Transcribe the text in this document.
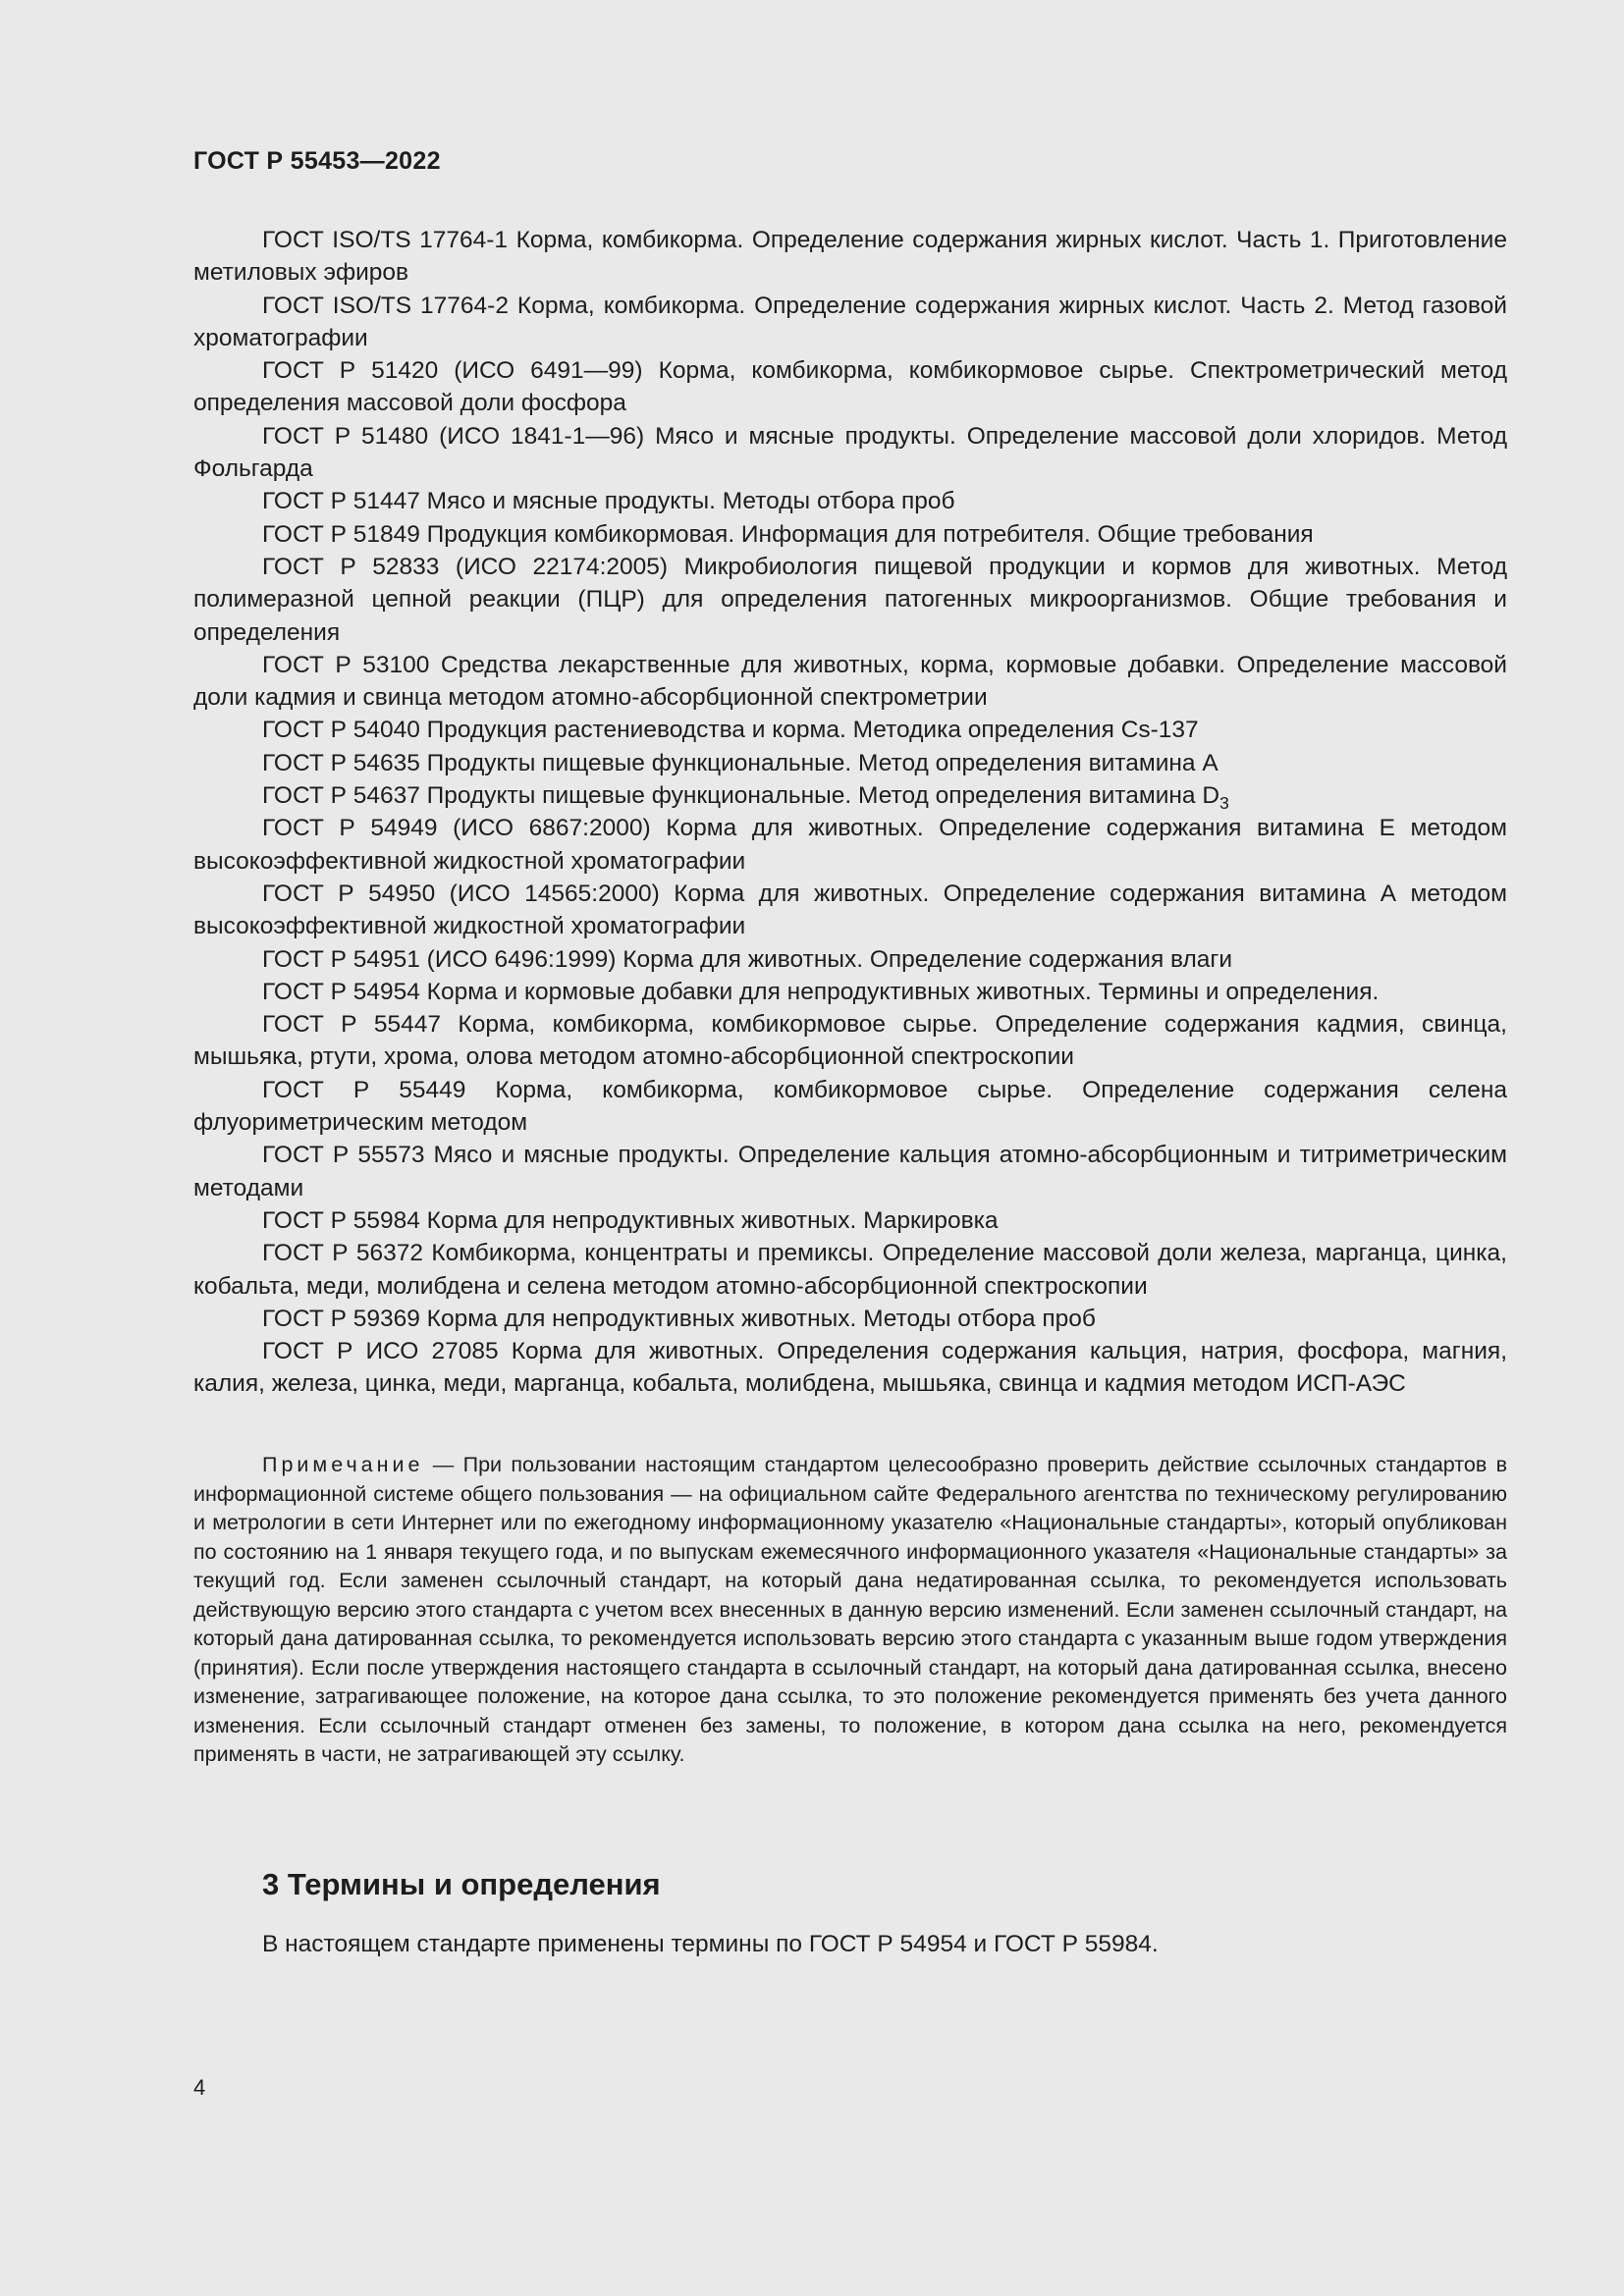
ГОСТ Р 55453—2022

ГОСТ ISO/TS 17764-1 Корма, комбикорма. Определение содержания жирных кислот. Часть 1. Приготовление метиловых эфиров

ГОСТ ISO/TS 17764-2 Корма, комбикорма. Определение содержания жирных кислот. Часть 2. Метод газовой хроматографии

ГОСТ Р 51420 (ИСО 6491—99) Корма, комбикорма, комбикормовое сырье. Спектрометрический метод определения массовой доли фосфора

ГОСТ Р 51480 (ИСО 1841-1—96) Мясо и мясные продукты. Определение массовой доли хлоридов. Метод Фольгарда

ГОСТ Р 51447 Мясо и мясные продукты. Методы отбора проб

ГОСТ Р 51849 Продукция комбикормовая. Информация для потребителя. Общие требования

ГОСТ Р 52833 (ИСО 22174:2005) Микробиология пищевой продукции и кормов для животных. Метод полимеразной цепной реакции (ПЦР) для определения патогенных микроорганизмов. Общие требования и определения

ГОСТ Р 53100 Средства лекарственные для животных, корма, кормовые добавки. Определение массовой доли кадмия и свинца методом атомно-абсорбционной спектрометрии

ГОСТ Р 54040 Продукция растениеводства и корма. Методика определения Cs-137

ГОСТ Р 54635 Продукты пищевые функциональные. Метод определения витамина А

ГОСТ Р 54637 Продукты пищевые функциональные. Метод определения витамина $D_3$

ГОСТ Р 54949 (ИСО 6867:2000) Корма для животных. Определение содержания витамина Е методом высокоэффективной жидкостной хроматографии

ГОСТ Р 54950 (ИСО 14565:2000) Корма для животных. Определение содержания витамина А методом высокоэффективной жидкостной хроматографии

ГОСТ Р 54951 (ИСО 6496:1999) Корма для животных. Определение содержания влаги

ГОСТ Р 54954 Корма и кормовые добавки для непродуктивных животных. Термины и определения.

ГОСТ Р 55447 Корма, комбикорма, комбикормовое сырье. Определение содержания кадмия, свинца, мышьяка, ртути, хрома, олова методом атомно-абсорбционной спектроскопии

ГОСТ Р 55449 Корма, комбикорма, комбикормовое сырье. Определение содержания селена флуориметрическим методом

ГОСТ Р 55573 Мясо и мясные продукты. Определение кальция атомно-абсорбционным и титриметрическим методами

ГОСТ Р 55984 Корма для непродуктивных животных. Маркировка

ГОСТ Р 56372 Комбикорма, концентраты и премиксы. Определение массовой доли железа, марганца, цинка, кобальта, меди, молибдена и селена методом атомно-абсорбционной спектроскопии

ГОСТ Р 59369 Корма для непродуктивных животных. Методы отбора проб

ГОСТ Р ИСО 27085 Корма для животных. Определения содержания кальция, натрия, фосфора, магния, калия, железа, цинка, меди, марганца, кобальта, молибдена, мышьяка, свинца и кадмия методом ИСП-АЭС

Примечание — При пользовании настоящим стандартом целесообразно проверить действие ссылочных стандартов в информационной системе общего пользования — на официальном сайте Федерального агентства по техническому регулированию и метрологии в сети Интернет или по ежегодному информационному указателю «Национальные стандарты», который опубликован по состоянию на 1 января текущего года, и по выпускам ежемесячного информационного указателя «Национальные стандарты» за текущий год. Если заменен ссылочный стандарт, на который дана недатированная ссылка, то рекомендуется использовать действующую версию этого стандарта с учетом всех внесенных в данную версию изменений. Если заменен ссылочный стандарт, на который дана датированная ссылка, то рекомендуется использовать версию этого стандарта с указанным выше годом утверждения (принятия). Если после утверждения настоящего стандарта в ссылочный стандарт, на который дана датированная ссылка, внесено изменение, затрагивающее положение, на которое дана ссылка, то это положение рекомендуется применять без учета данного изменения. Если ссылочный стандарт отменен без замены, то положение, в котором дана ссылка на него, рекомендуется применять в части, не затрагивающей эту ссылку.
3 Термины и определения
В настоящем стандарте применены термины по ГОСТ Р 54954 и ГОСТ Р 55984.
4
